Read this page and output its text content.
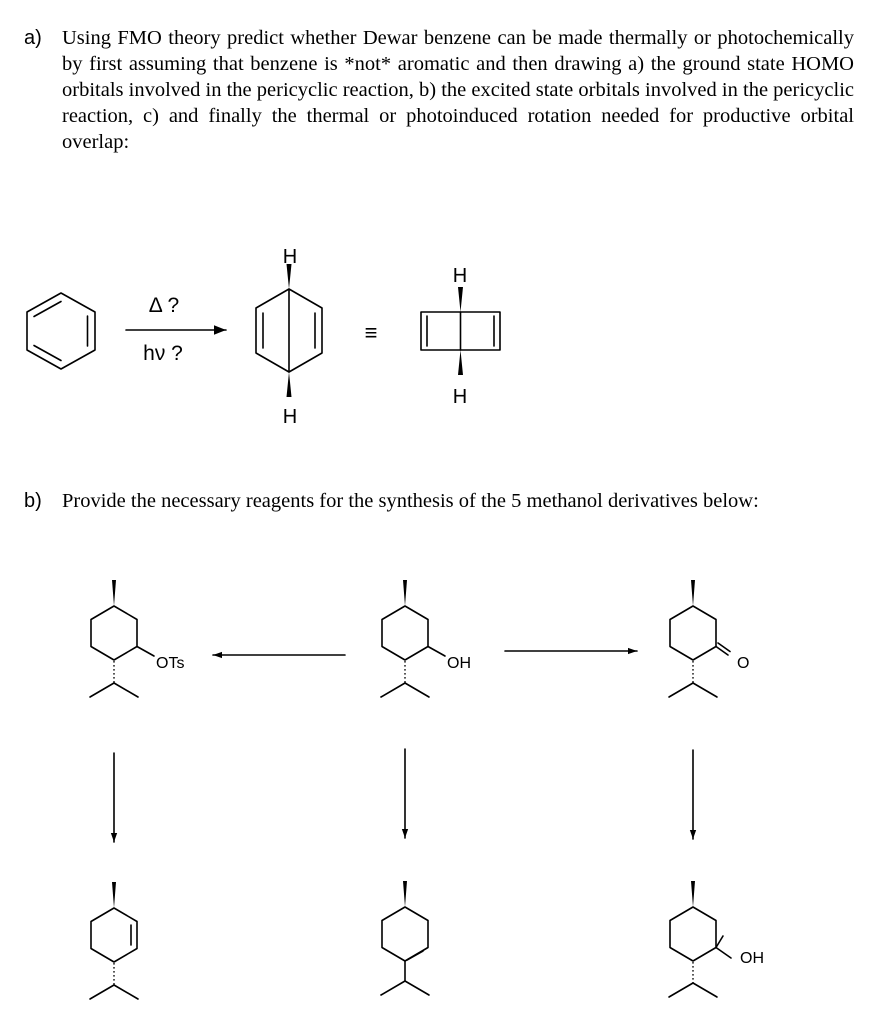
a) Using FMO theory predict whether Dewar benzene can be made thermally or photochemically by first assuming that benzene is *not* aromatic and then drawing a) the ground state HOMO orbitals involved in the pericyclic reaction, b) the excited state orbitals involved in the pericyclic reaction, c) and finally the thermal or photoinduced rotation needed for productive orbital overlap:
b) Provide the necessary reagents for the synthesis of the 5 methanol derivatives below:
H
H
H
H
Δ ?
hν ?
≡
OTs	OH	O
OH
